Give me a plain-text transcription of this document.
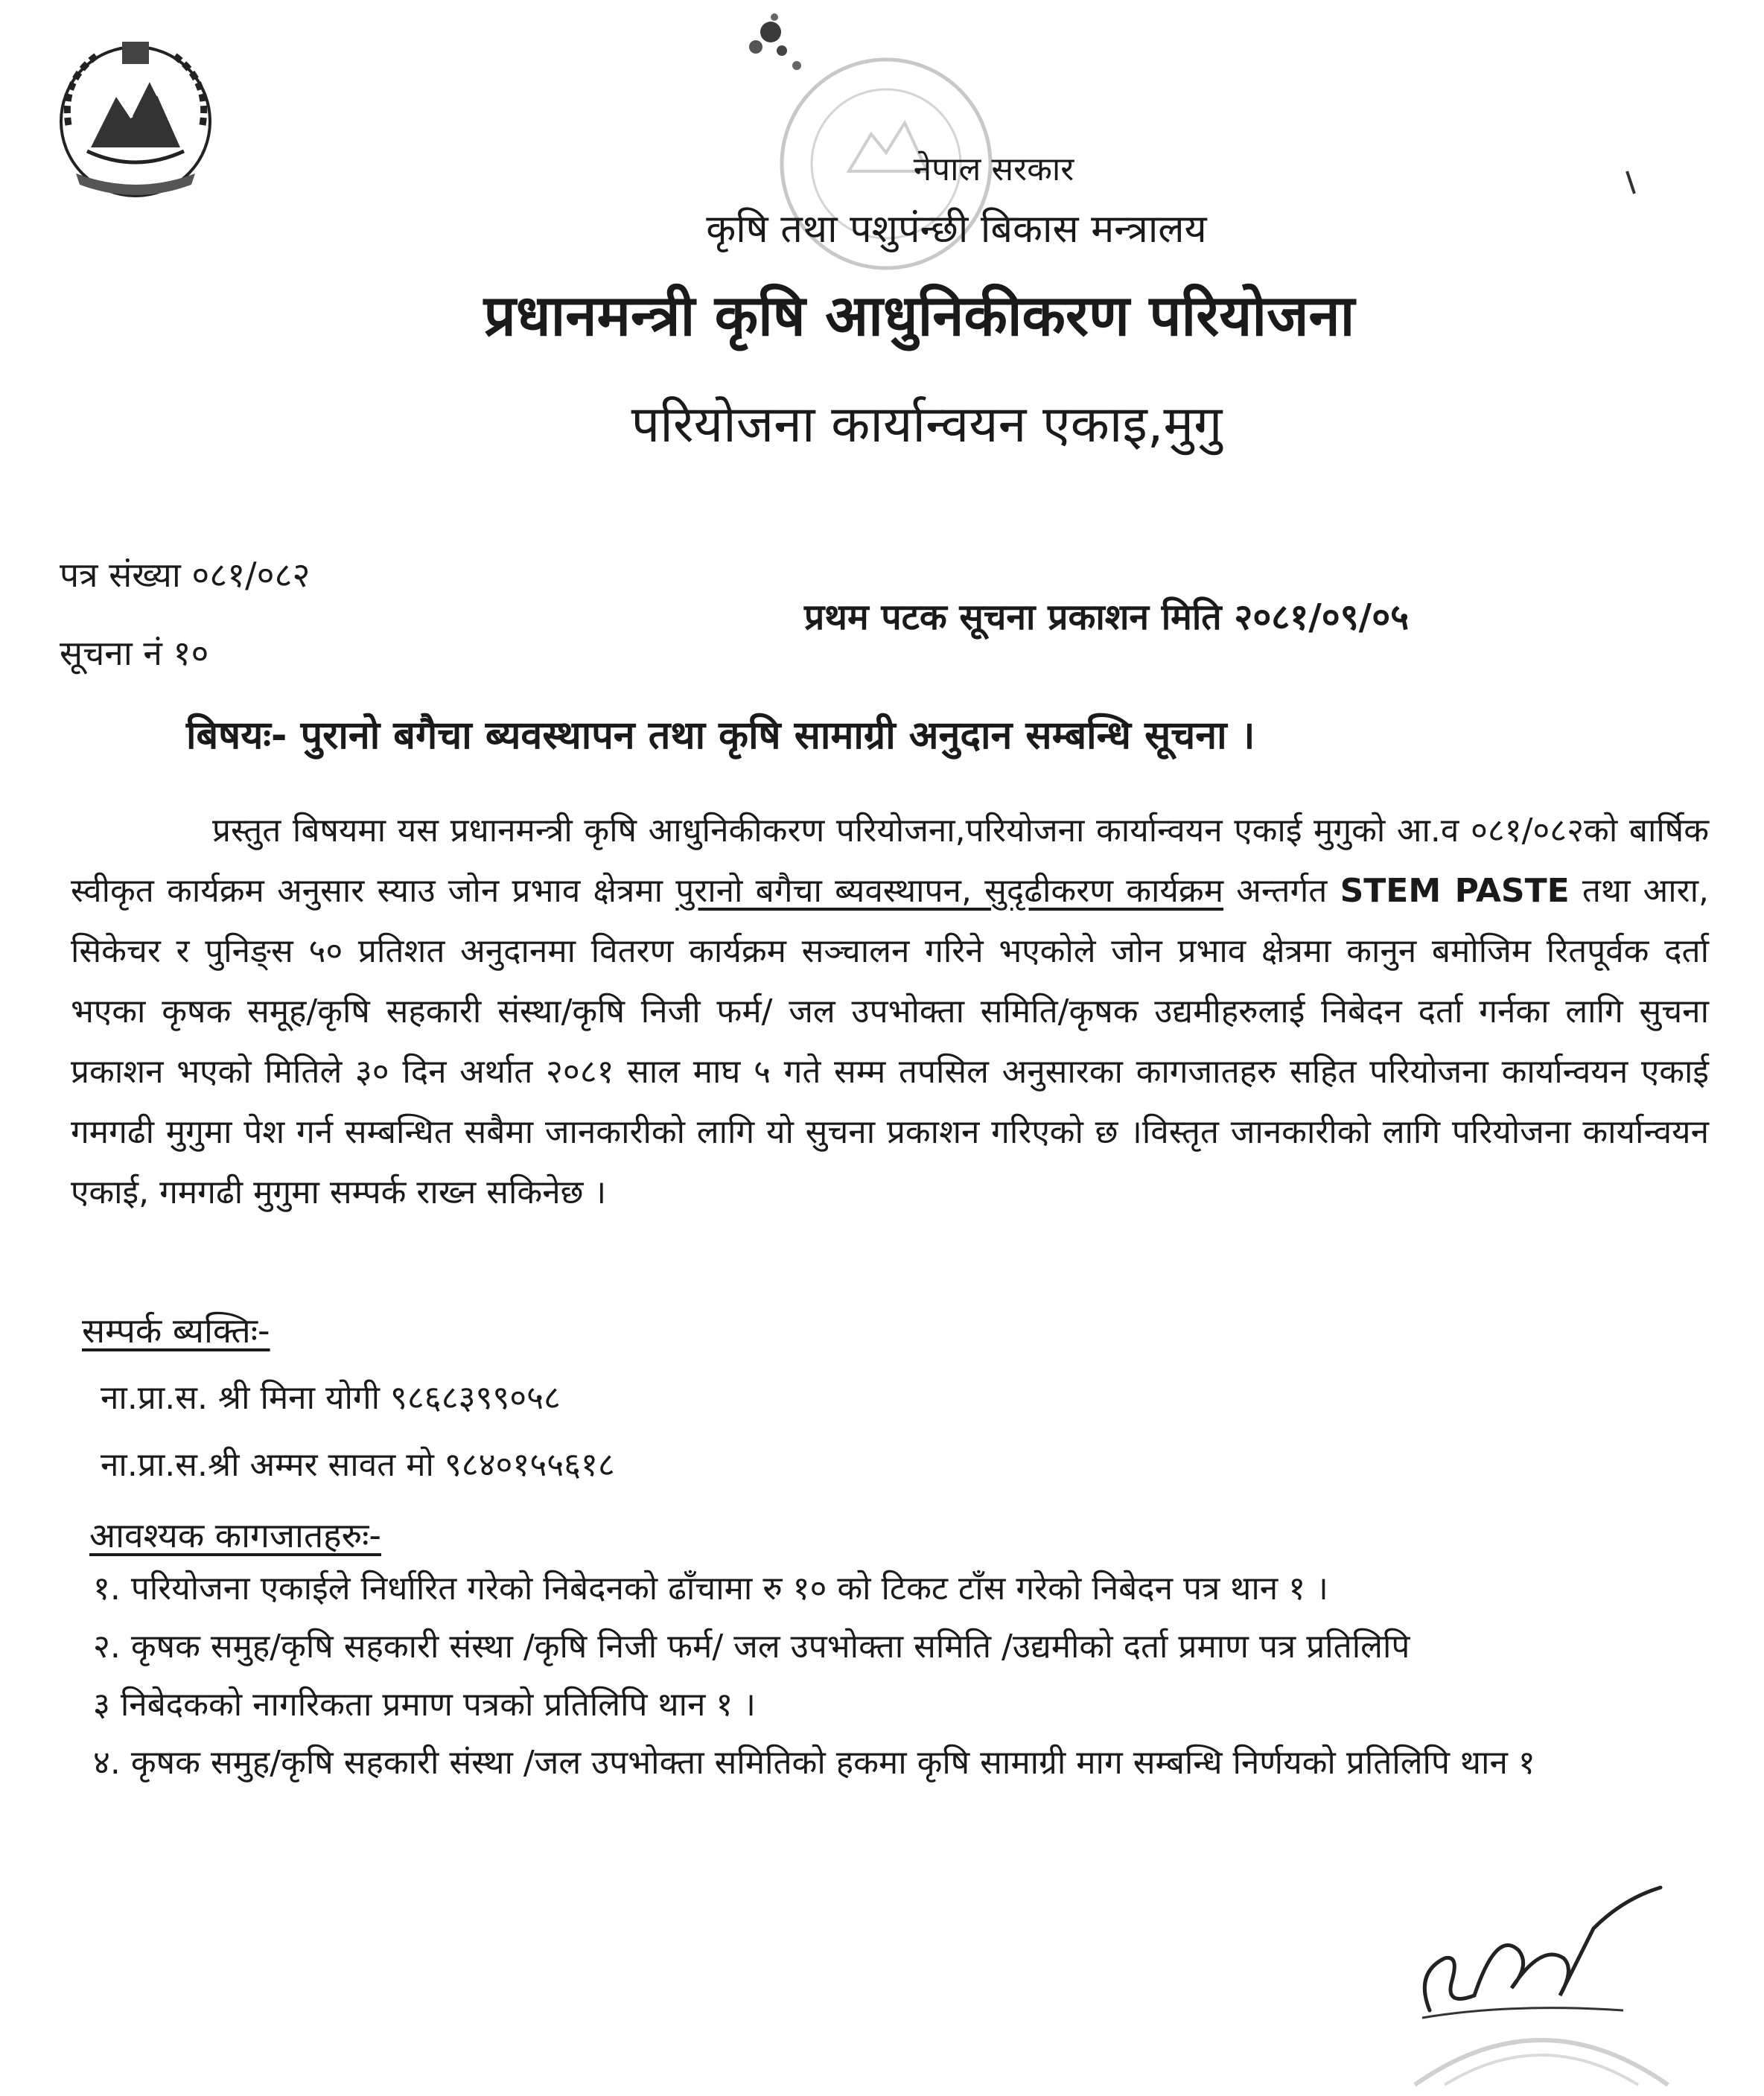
नेपाल सरकार
कृषि तथा पशुपंन्छी बिकास मन्त्रालय
प्रधानमन्त्री कृषि आधुनिकीकरण परियोजना
परियोजना कार्यान्वयन एकाइ,मुगु
पत्र संख्या ०८१/०८२
प्रथम पटक सूचना प्रकाशन मिति २०८१/०९/०५
सूचना नं १०
बिषयः- पुरानो बगैचा ब्यवस्थापन तथा कृषि सामाग्री अनुदान सम्बन्धि सूचना ।
प्रस्तुत बिषयमा यस प्रधानमन्त्री कृषि आधुनिकीकरण परियोजना,परियोजना कार्यान्वयन एकाई मुगुको आ.व ०८१/०८२को बार्षिक स्वीकृत कार्यक्रम अनुसार स्याउ जोन प्रभाव क्षेत्रमा पुरानो बगैचा ब्यवस्थापन, सुदृढीकरण कार्यक्रम अन्तर्गत STEM PASTE तथा आरा, सिकेचर र पुनिङ्स ५० प्रतिशत अनुदानमा वितरण कार्यक्रम सञ्चालन गरिने भएकोले जोन प्रभाव क्षेत्रमा कानुन बमोजिम रितपूर्वक दर्ता भएका कृषक समूह/कृषि सहकारी संस्था/कृषि निजी फर्म/ जल उपभोक्ता समिति/कृषक उद्यमीहरुलाई निबेदन दर्ता गर्नका लागि सुचना प्रकाशन भएको मितिले ३० दिन अर्थात २०८१ साल माघ ५ गते सम्म तपसिल अनुसारका कागजातहरु सहित परियोजना कार्यान्वयन एकाई गमगढी मुगुमा पेश गर्न सम्बन्धित सबैमा जानकारीको लागि यो सुचना प्रकाशन गरिएको छ ।विस्तृत जानकारीको लागि परियोजना कार्यान्वयन एकाई, गमगढी मुगुमा सम्पर्क राख्न सकिनेछ ।
सम्पर्क ब्यक्तिः-
ना.प्रा.स. श्री मिना योगी ९८६८३९९०५८
ना.प्रा.स.श्री अम्मर सावत मो ९८४०१५५६१८
आवश्यक कागजातहरुः-
१. परियोजना एकाईले निर्धारित गरेको निबेदनको ढाँचामा रु १० को टिकट टाँस गरेको निबेदन पत्र थान १ ।
२. कृषक समुह/कृषि सहकारी संस्था /कृषि निजी फर्म/ जल उपभोक्ता समिति /उद्यमीको दर्ता प्रमाण पत्र प्रतिलिपि
३ निबेदकको नागरिकता प्रमाण पत्रको प्रतिलिपि थान १ ।
४. कृषक समुह/कृषि सहकारी संस्था /जल उपभोक्ता समितिको हकमा कृषि सामाग्री माग सम्बन्धि निर्णयको प्रतिलिपि थान १
